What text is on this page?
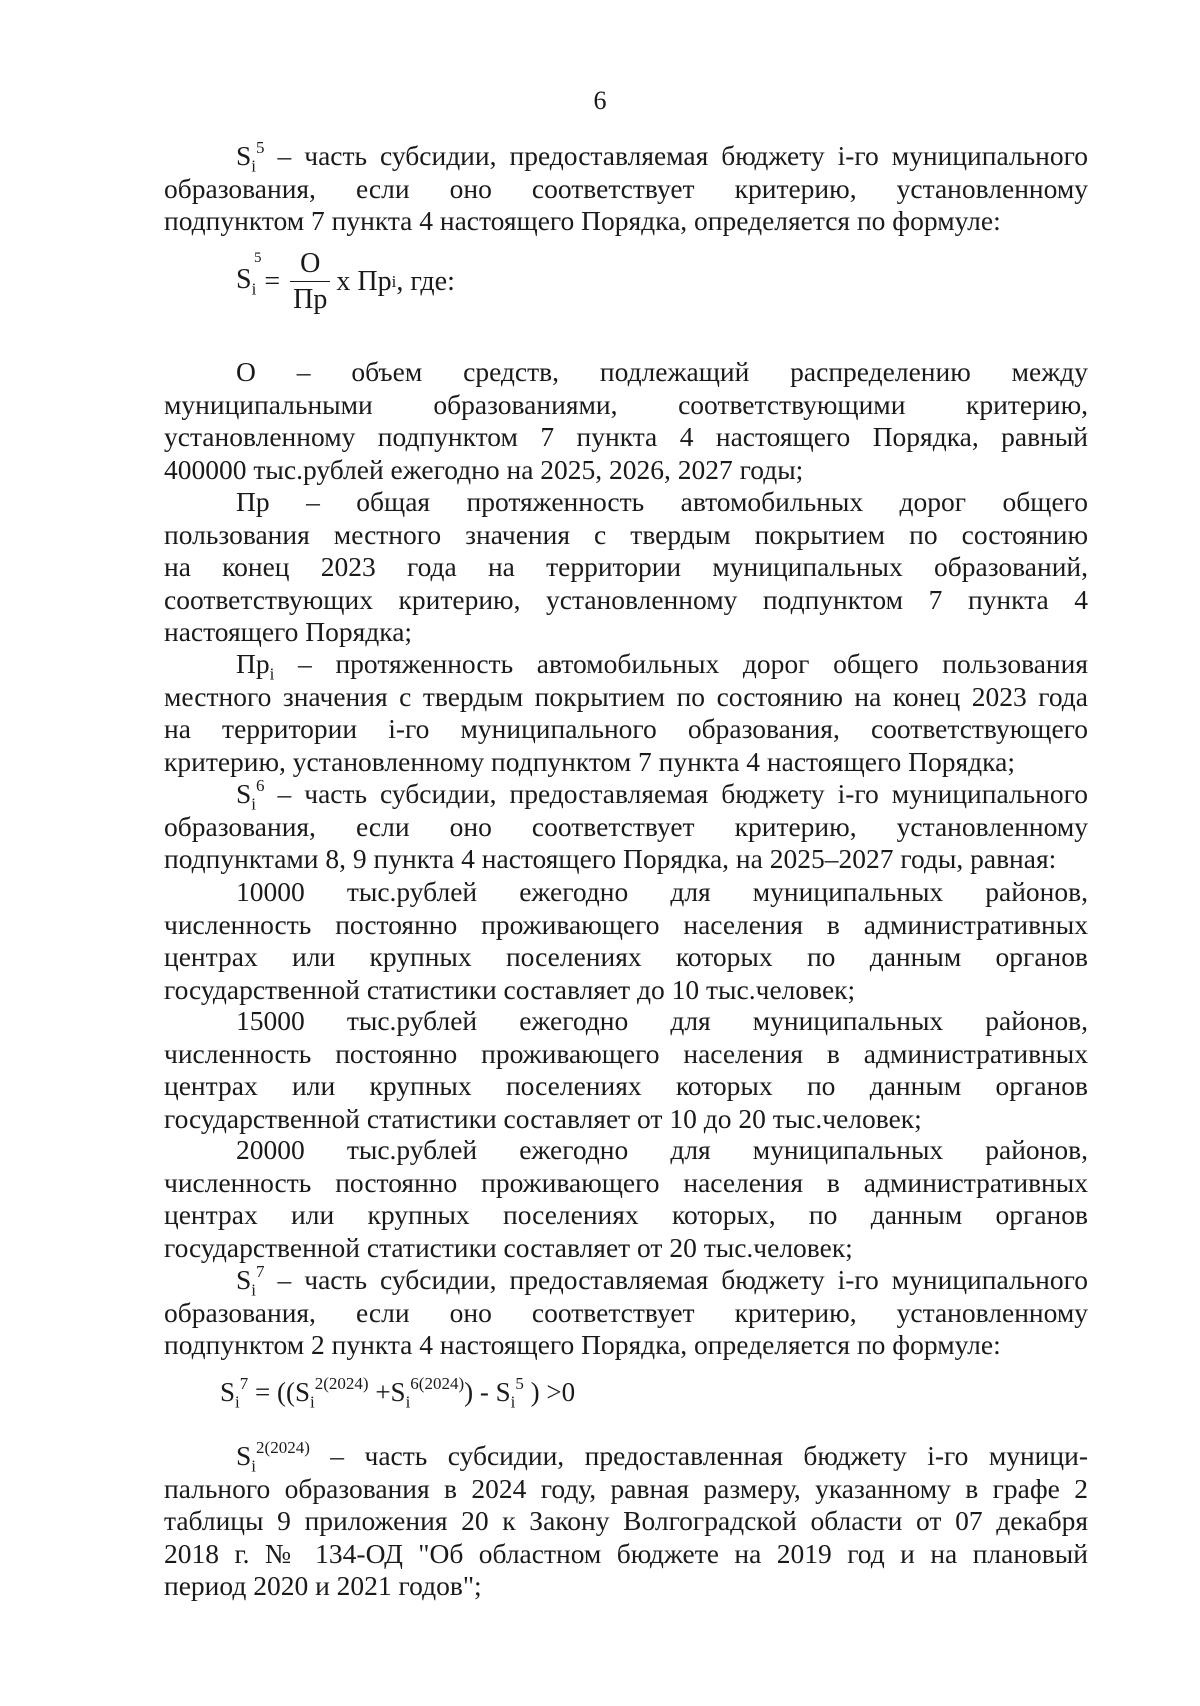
6
$S_i^5$ – часть субсидии, предоставляемая бюджету i-го муниципального
образования, если оно соответствует критерию, установленному
подпунктом 7 пункта 4 настоящего Порядка, определяется по формуле:
$S_i$
5
= $\frac{О}{Пр}$ х Пр i , где:
О – объем средств, подлежащий распределению между
муниципальными образованиями, соответствующими критерию,
установленному подпунктом 7 пункта 4 настоящего Порядка, равный
400000 тыс.рублей ежегодно на 2025, 2026, 2027 годы;
Пр – общая протяженность автомобильных дорог общего
пользования местного значения с твердым покрытием по состоянию
на конец 2023 года на территории муниципальных образований,
соответствующих критерию, установленному подпунктом 7 пункта 4
настоящего Порядка;
$Пр_i$ – протяженность автомобильных дорог общего пользования
местного значения с твердым покрытием по состоянию на конец 2023 года
на территории i-го муниципального образования, соответствующего
критерию, установленному подпунктом 7 пункта 4 настоящего Порядка;
$S_i^6$ – часть субсидии, предоставляемая бюджету i-го муниципального
образования, если оно соответствует критерию, установленному
подпунктами 8, 9 пункта 4 настоящего Порядка, на 2025–2027 годы, равная:
10000 тыс.рублей ежегодно для муниципальных районов,
численность постоянно проживающего населения в административных
центрах или крупных поселениях которых по данным органов
государственной статистики составляет до 10 тыс.человек;
15000 тыс.рублей ежегодно для муниципальных районов,
численность постоянно проживающего населения в административных
центрах или крупных поселениях которых по данным органов
государственной статистики составляет от 10 до 20 тыс.человек;
20000 тыс.рублей ежегодно для муниципальных районов,
численность постоянно проживающего населения в административных
центрах или крупных поселениях которых, по данным органов
государственной статистики составляет от 20 тыс.человек;
$S_i^7$ – часть субсидии, предоставляемая бюджету i-го муниципального
образования, если оно соответствует критерию, установленному
подпунктом 2 пункта 4 настоящего Порядка, определяется по формуле:
$S_i^7 = ((S_i^{2(2024)} +S_i^{6(2024)}) - S_i^5$ ) >0
$S_i^{2(2024)}$ – часть субсидии, предоставленная бюджету i-го муници-
пального образования в 2024 году, равная размеру, указанному в графе 2
таблицы 9 приложения 20 к Закону Волгоградской области от 07 декабря
2018 г. № 134-ОД "Об областном бюджете на 2019 год и на плановый
период 2020 и 2021 годов";
